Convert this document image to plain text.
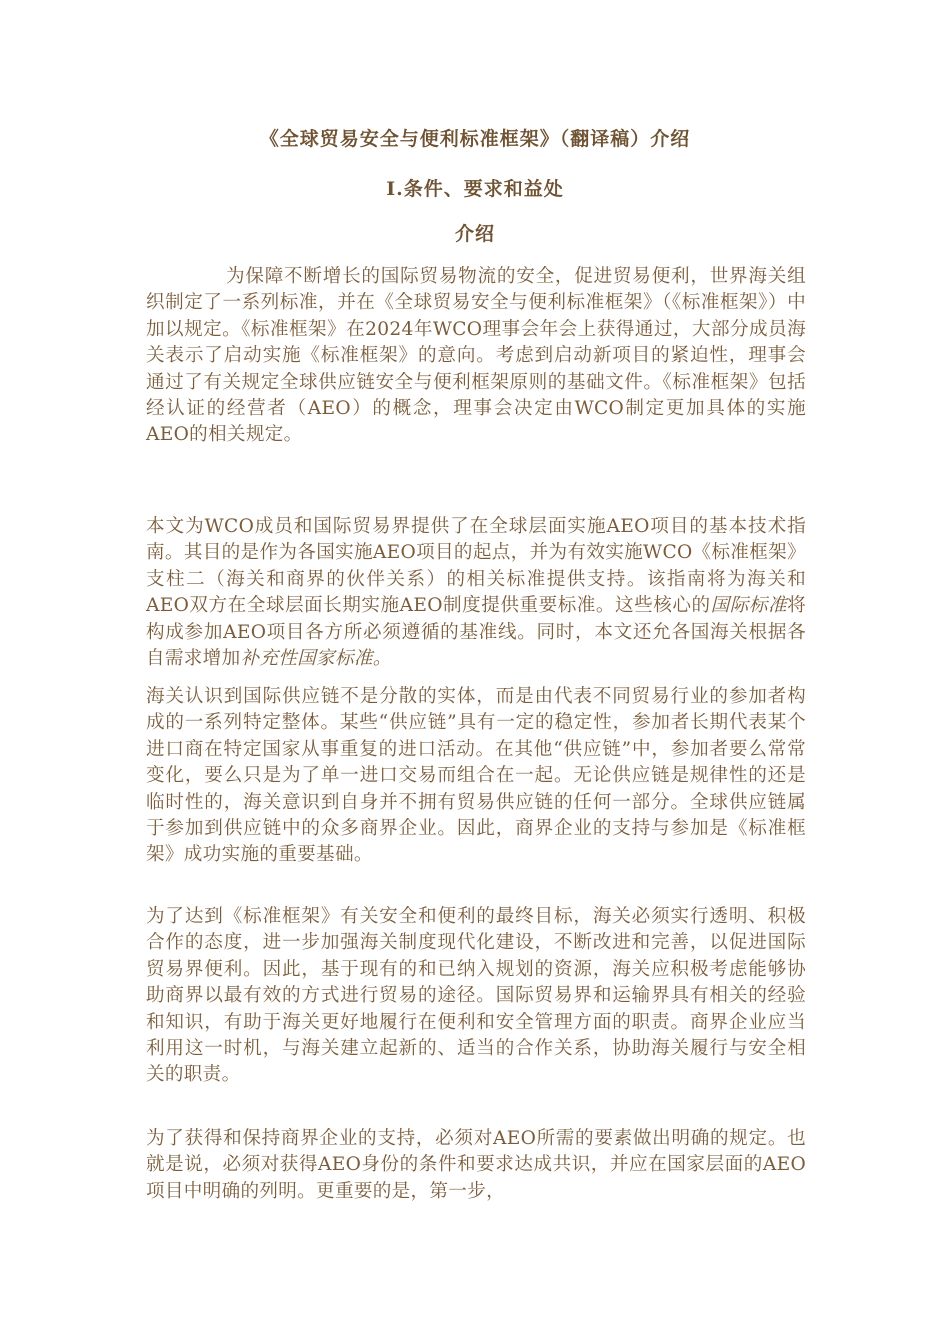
《全球贸易安全与便利标准框架》（翻译稿）介绍
Ⅰ.条件、要求和益处
介绍

为保障不断增长的国际贸易物流的安全，促进贸易便利，世界海关组织制定了一系列标准，并在《全球贸易安全与便利标准框架》（《标准框架》）中加以规定。《标准框架》在2024年WCO理事会年会上获得通过，大部分成员海关表示了启动实施《标准框架》的意向。考虑到启动新项目的紧迫性，理事会通过了有关规定全球供应链安全与便利框架原则的基础文件。《标准框架》包括经认证的经营者（AEO）的概念，理事会决定由WCO制定更加具体的实施AEO的相关规定。

本文为WCO成员和国际贸易界提供了在全球层面实施AEO项目的基本技术指南。其目的是作为各国实施AEO项目的起点，并为有效实施WCO《标准框架》支柱二（海关和商界的伙伴关系）的相关标准提供支持。该指南将为海关和AEO双方在全球层面长期实施AEO制度提供重要标准。这些核心的国际标准将构成参加AEO项目各方所必须遵循的基准线。同时，本文还允各国海关根据各自需求增加补充性国家标准。

海关认识到国际供应链不是分散的实体，而是由代表不同贸易行业的参加者构成的一系列特定整体。某些“供应链”具有一定的稳定性，参加者长期代表某个进口商在特定国家从事重复的进口活动。在其他“供应链”中，参加者要么常常变化，要么只是为了单一进口交易而组合在一起。无论供应链是规律性的还是临时性的，海关意识到自身并不拥有贸易供应链的任何一部分。全球供应链属于参加到供应链中的众多商界企业。因此，商界企业的支持与参加是《标准框架》成功实施的重要基础。

为了达到《标准框架》有关安全和便利的最终目标，海关必须实行透明、积极合作的态度，进一步加强海关制度现代化建设，不断改进和完善，以促进国际贸易界便利。因此，基于现有的和已纳入规划的资源，海关应积极考虑能够协助商界以最有效的方式进行贸易的途径。国际贸易界和运输界具有相关的经验和知识，有助于海关更好地履行在便利和安全管理方面的职责。商界企业应当利用这一时机，与海关建立起新的、适当的合作关系，协助海关履行与安全相关的职责。

为了获得和保持商界企业的支持，必须对AEO所需的要素做出明确的规定。也就是说，必须对获得AEO身份的条件和要求达成共识，并应在国家层面的AEO项目中明确的列明。更重要的是，第一步，
